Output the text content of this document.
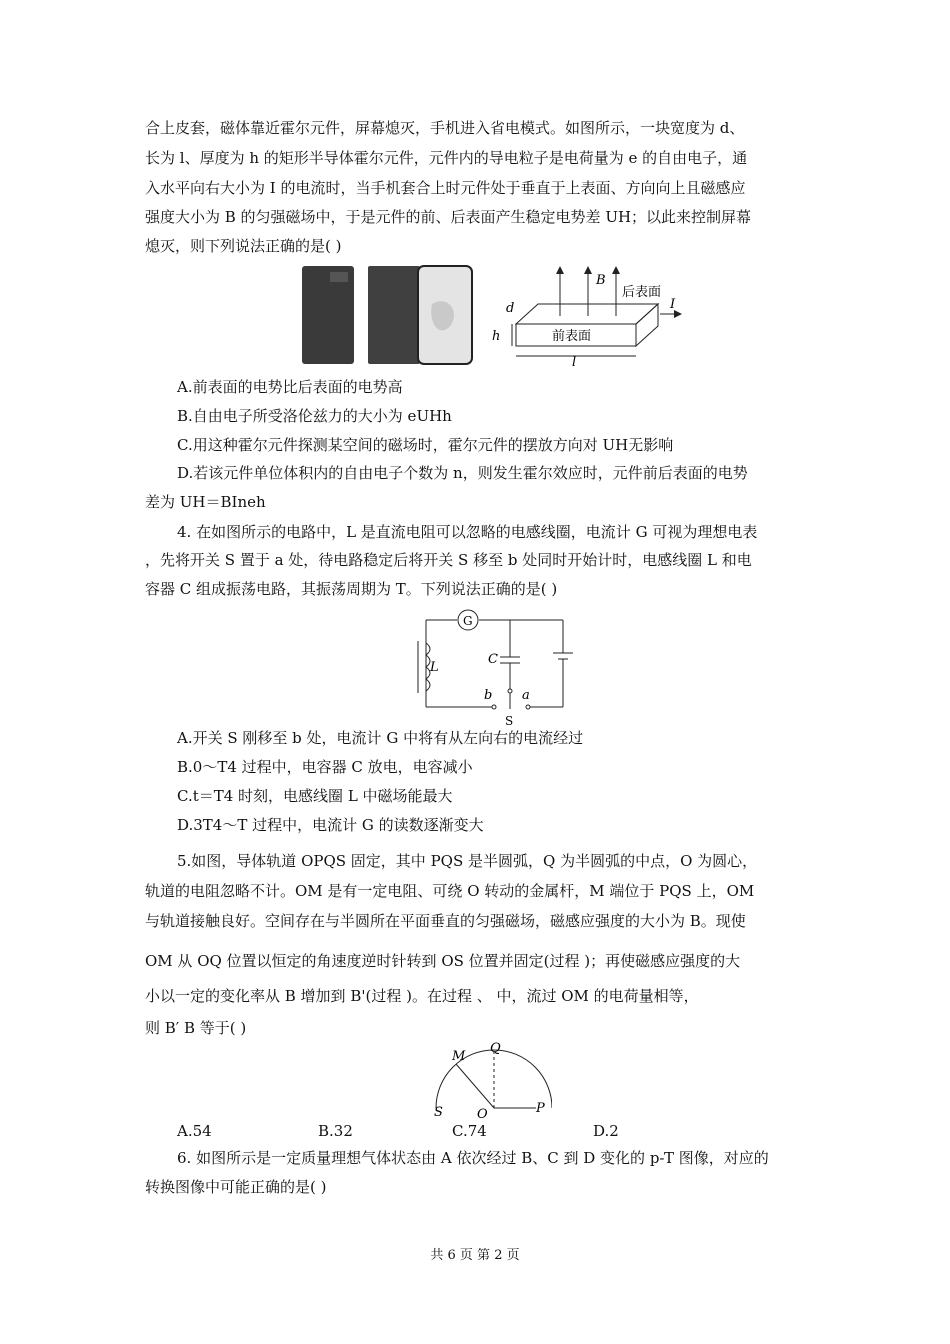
合上皮套，磁体靠近霍尔元件，屏幕熄灭，手机进入省电模式。如图所示，一块宽度为 d、
长为 l、厚度为 h 的矩形半导体霍尔元件，元件内的导电粒子是电荷量为 e 的自由电子，通
入水平向右大小为 I 的电流时，当手机套合上时元件处于垂直于上表面、方向向上且磁感应
强度大小为 B 的匀强磁场中，于是元件的前、后表面产生稳定电势差 UH；以此来控制屏幕
熄灭，则下列说法正确的是( )
B
后表面
前表面
I
d
h
l
A.前表面的电势比后表面的电势高
B.自由电子所受洛伦兹力的大小为 eUHh
C.用这种霍尔元件探测某空间的磁场时，霍尔元件的摆放方向对 UH无影响
D.若该元件单位体积内的自由电子个数为 n，则发生霍尔效应时，元件前后表面的电势
差为 UH＝BIneh
4. 在如图所示的电路中，L 是直流电阻可以忽略的电感线圈，电流计 G 可视为理想电表
，先将开关 S 置于 a 处，待电路稳定后将开关 S 移至 b 处同时开始计时，电感线圈 L 和电
容器 C 组成振荡电路，其振荡周期为 T。下列说法正确的是( )
G
L
C
b a
S
A.开关 S 刚移至 b 处，电流计 G 中将有从左向右的电流经过
B.0～T4 过程中，电容器 C 放电，电容减小
C.t＝T4 时刻，电感线圈 L 中磁场能最大
D.3T4～T 过程中，电流计 G 的读数逐渐变大
5.如图，导体轨道 OPQS 固定，其中 PQS 是半圆弧，Q 为半圆弧的中点，O 为圆心，
轨道的电阻忽略不计。OM 是有一定电阻、可绕 O 转动的金属杆，M 端位于 PQS 上，OM
与轨道接触良好。空间存在与半圆所在平面垂直的匀强磁场，磁感应强度的大小为 B。现使
OM 从 OQ 位置以恒定的角速度逆时针转到 OS 位置并固定(过程 )；再使磁感应强度的大
小以一定的变化率从 B 增加到 B'(过程 )。在过程 、 中，流过 OM 的电荷量相等，
则 B′ B 等于( )
M
Q
S	O	P
A.54	B.32	C.74	D.2
6. 如图所示是一定质量理想气体状态由 A 依次经过 B、C 到 D 变化的 p-T 图像，对应的
转换图像中可能正确的是( )
共 6 页 第 2 页
